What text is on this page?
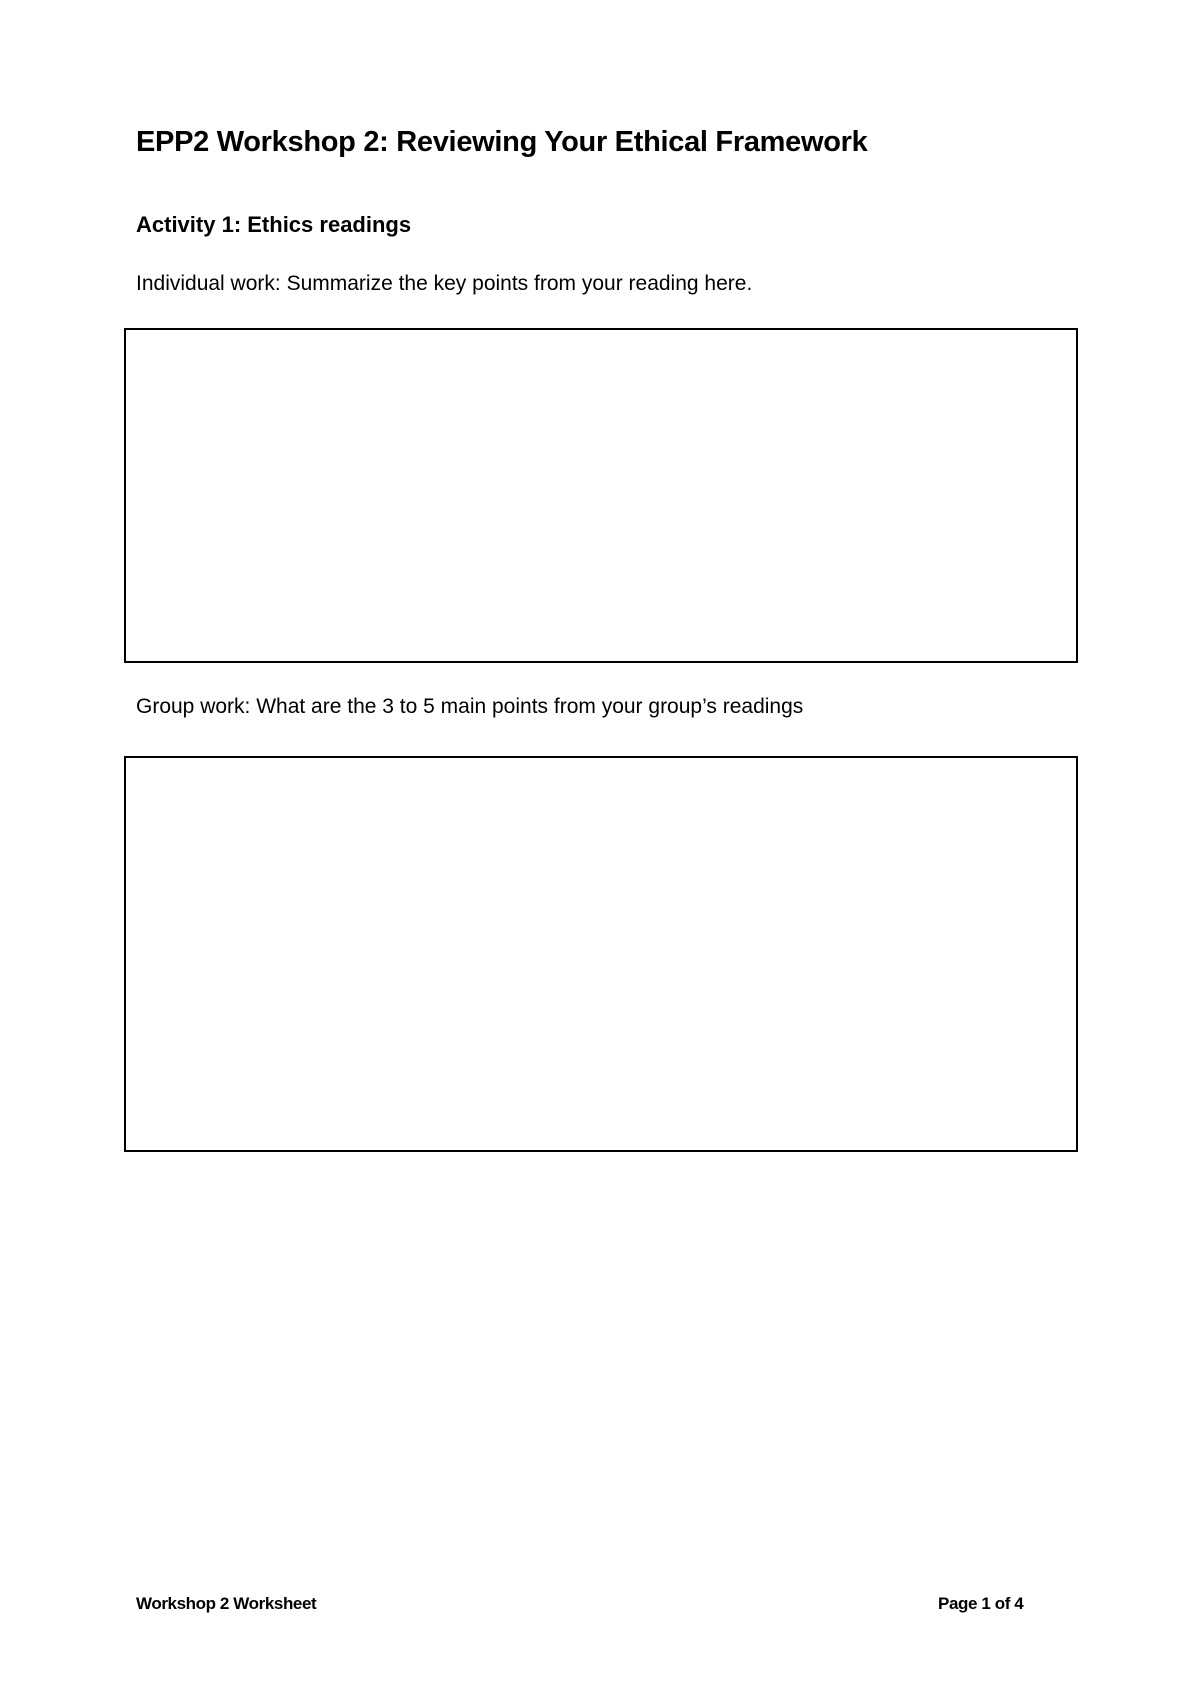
EPP2 Workshop 2: Reviewing Your Ethical Framework
Activity 1: Ethics readings

Individual work: Summarize the key points from your reading here.

Group work: What are the 3 to 5 main points from your group’s readings

Workshop 2 Worksheet	Page 1 of 4
